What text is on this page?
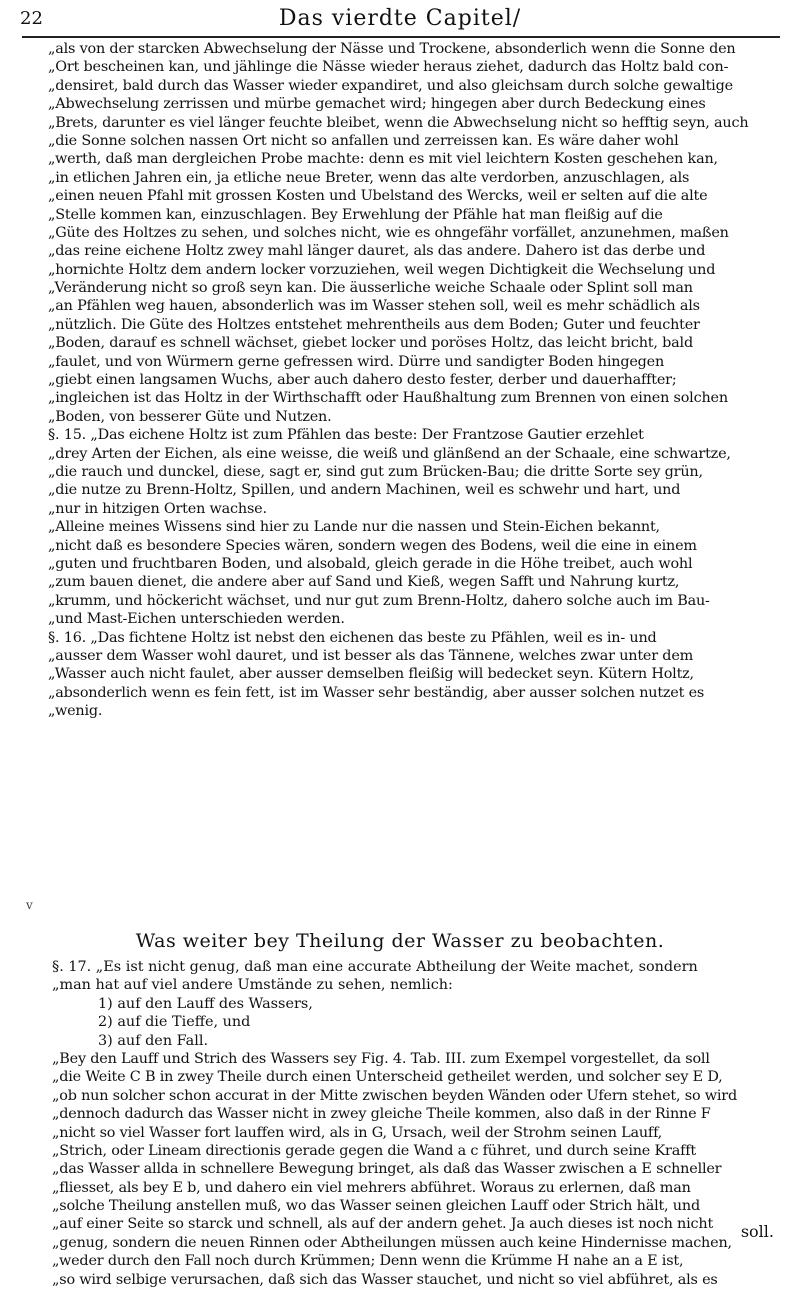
22	Das vierdte Capitel/
„als von der starcken Abwechselung der Nässe und Trockene, absonderlich wenn die Sonne den
„Ort bescheinen kan, und jählinge die Nässe wieder heraus ziehet, dadurch das Holtz bald con-
„densiret, bald durch das Wasser wieder expandiret, und also gleichsam durch solche gewaltige
„Abwechselung zerrissen und mürbe gemachet wird; hingegen aber durch Bedeckung eines
„Brets, darunter es viel länger feuchte bleibet, wenn die Abwechselung nicht so hefftig seyn, auch
„die Sonne solchen nassen Ort nicht so anfallen und zerreissen kan. Es wäre daher wohl
„werth, daß man dergleichen Probe machte: denn es mit viel leichtern Kosten geschehen kan,
„in etlichen Jahren ein, ja etliche neue Breter, wenn das alte verdorben, anzuschlagen, als
„einen neuen Pfahl mit grossen Kosten und Ubelstand des Wercks, weil er selten auf die alte
„Stelle kommen kan, einzuschlagen. Bey Erwehlung der Pfähle hat man fleißig auf die
„Güte des Holtzes zu sehen, und solches nicht, wie es ohngefähr vorfället, anzunehmen, maßen
„das reine eichene Holtz zwey mahl länger dauret, als das andere. Dahero ist das derbe und
„hornichte Holtz dem andern locker vorzuziehen, weil wegen Dichtigkeit die Wechselung und
„Veränderung nicht so groß seyn kan. Die äusserliche weiche Schaale oder Splint soll man
„an Pfählen weg hauen, absonderlich was im Wasser stehen soll, weil es mehr schädlich als
„nützlich. Die Güte des Holtzes entstehet mehrentheils aus dem Boden; Guter und feuchter
„Boden, darauf es schnell wächset, giebet locker und poröses Holtz, das leicht bricht, bald
„faulet, und von Würmern gerne gefressen wird. Dürre und sandigter Boden hingegen
„giebt einen langsamen Wuchs, aber auch dahero desto fester, derber und dauerhaffter;
„ingleichen ist das Holtz in der Wirthschafft oder Haußhaltung zum Brennen von einen solchen
„Boden, von besserer Güte und Nutzen.
§. 15. „Das eichene Holtz ist zum Pfählen das beste: Der Frantzose Gautier erzehlet
„drey Arten der Eichen, als eine weisse, die weiß und glänßend an der Schaale, eine schwartze,
„die rauch und dunckel, diese, sagt er, sind gut zum Brücken-Bau; die dritte Sorte sey grün,
„die nutze zu Brenn-Holtz, Spillen, und andern Machinen, weil es schwehr und hart, und
„nur in hitzigen Orten wachse.
„Alleine meines Wissens sind hier zu Lande nur die nassen und Stein-Eichen bekannt,
„nicht daß es besondere Species wären, sondern wegen des Bodens, weil die eine in einem
„guten und fruchtbaren Boden, und alsobald, gleich gerade in die Höhe treibet, auch wohl
„zum bauen dienet, die andere aber auf Sand und Kieß, wegen Safft und Nahrung kurtz,
„krumm, und höckericht wächset, und nur gut zum Brenn-Holtz, dahero solche auch im Bau-
„und Mast-Eichen unterschieden werden.
§. 16. „Das fichtene Holtz ist nebst den eichenen das beste zu Pfählen, weil es in- und
„ausser dem Wasser wohl dauret, und ist besser als das Tännene, welches zwar unter dem
„Wasser auch nicht faulet, aber ausser demselben fleißig will bedecket seyn. Kütern Holtz,
„absonderlich wenn es fein fett, ist im Wasser sehr beständig, aber ausser solchen nutzet es
„wenig.
v
Was weiter bey Theilung der Wasser zu beobachten.
§. 17. „Es ist nicht genug, daß man eine accurate Abtheilung der Weite machet, sondern
„man hat auf viel andere Umstände zu sehen, nemlich:
1) auf den Lauff des Wassers,
2) auf die Tieffe, und
3) auf den Fall.
„Bey den Lauff und Strich des Wassers sey Fig. 4. Tab. III. zum Exempel vorgestellet, da soll
„die Weite C B in zwey Theile durch einen Unterscheid getheilet werden, und solcher sey E D,
„ob nun solcher schon accurat in der Mitte zwischen beyden Wänden oder Ufern stehet, so wird
„dennoch dadurch das Wasser nicht in zwey gleiche Theile kommen, also daß in der Rinne F
„nicht so viel Wasser fort lauffen wird, als in G, Ursach, weil der Strohm seinen Lauff,
„Strich, oder Lineam directionis gerade gegen die Wand a c führet, und durch seine Krafft
„das Wasser allda in schnellere Bewegung bringet, als daß das Wasser zwischen a E schneller
„fliesset, als bey E b, und dahero ein viel mehrers abführet. Woraus zu erlernen, daß man
„solche Theilung anstellen muß, wo das Wasser seinen gleichen Lauff oder Strich hält, und
„auf einer Seite so starck und schnell, als auf der andern gehet. Ja auch dieses ist noch nicht
„genug, sondern die neuen Rinnen oder Abtheilungen müssen auch keine Hindernisse machen,
„weder durch den Fall noch durch Krümmen; Denn wenn die Krümme H nahe an a E ist,
„so wird selbige verursachen, daß sich das Wasser stauchet, und nicht so viel abführet, als es
soll.
